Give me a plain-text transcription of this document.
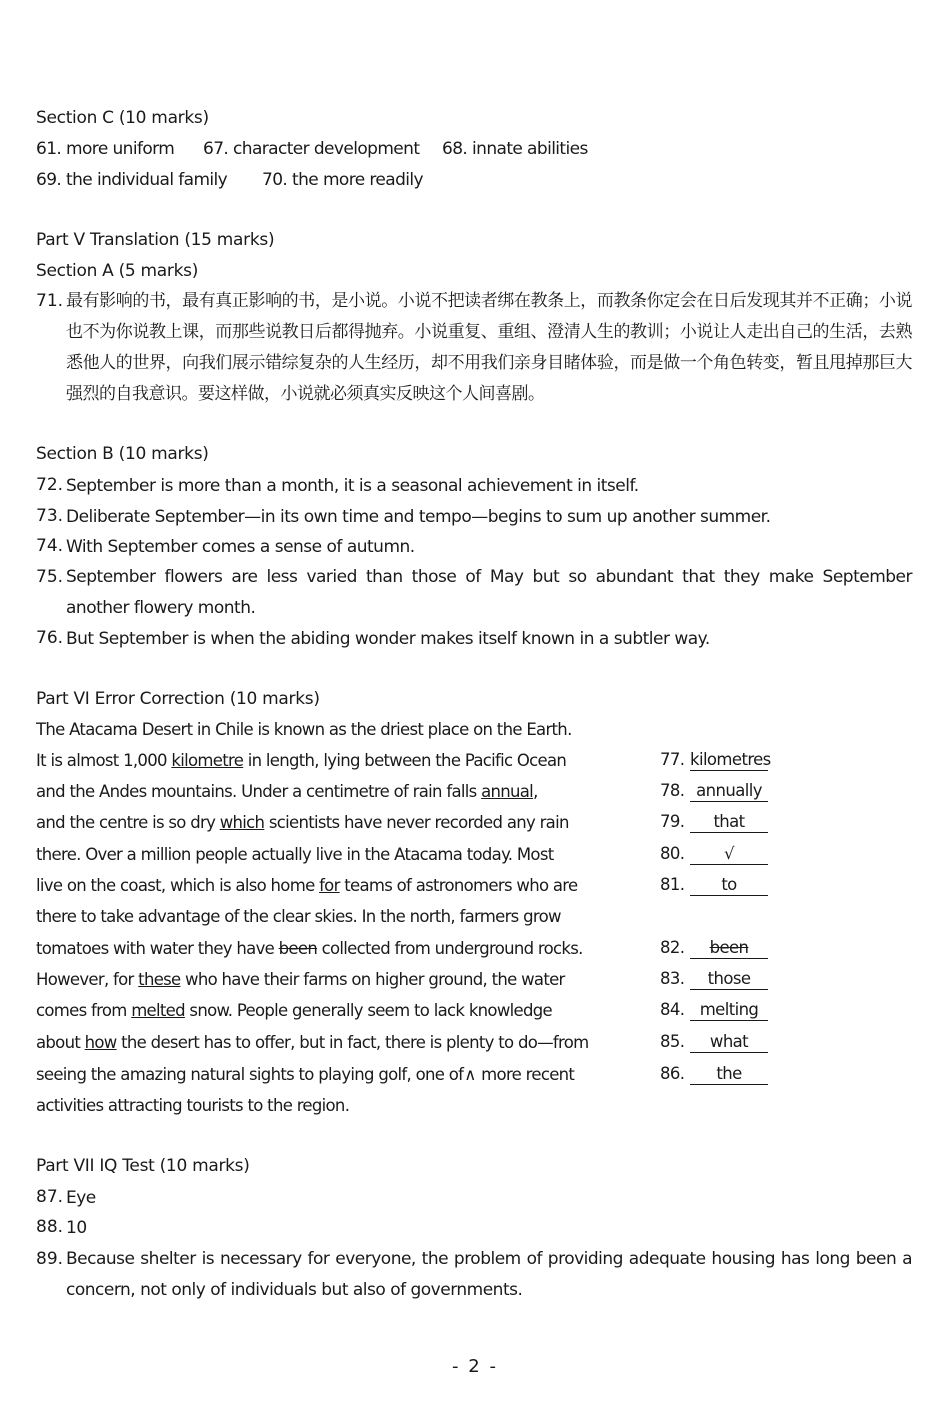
Section C (10 marks)
61. more uniform 67. character development 68. innate abilities
69. the individual family 70. the more readily
Part V Translation (15 marks)
Section A (5 marks)
71. 最有影响的书，最有真正影响的书，是小说。小说不把读者绑在教条上，而教条你定会在日后发现其并不正确；小说也不为你说教上课，而那些说教日后都得抛弃。小说重复、重组、澄清人生的教训；小说让人走出自己的生活，去熟悉他人的世界，向我们展示错综复杂的人生经历，却不用我们亲身目睹体验，而是做一个角色转变，暂且甩掉那巨大强烈的自我意识。要这样做，小说就必须真实反映这个人间喜剧。
Section B (10 marks)
72. September is more than a month, it is a seasonal achievement in itself.
73. Deliberate September—in its own time and tempo—begins to sum up another summer.
74. With September comes a sense of autumn.
75. September flowers are less varied than those of May but so abundant that they make September another flowery month.
76. But September is when the abiding wonder makes itself known in a subtler way.
Part VI Error Correction (10 marks)
The Atacama Desert in Chile is known as the driest place on the Earth.
It is almost 1,000 kilometre in length, lying between the Pacific Ocean	77. kilometres
and the Andes mountains. Under a centimetre of rain falls annual,	78. annually
and the centre is so dry which scientists have never recorded any rain	79. that
there. Over a million people actually live in the Atacama today. Most	80. √
live on the coast, which is also home for teams of astronomers who are	81. to
there to take advantage of the clear skies. In the north, farmers grow
tomatoes with water they have been collected from underground rocks.	82. been
However, for these who have their farms on higher ground, the water	83. those
comes from melted snow. People generally seem to lack knowledge	84. melting
about how the desert has to offer, but in fact, there is plenty to do—from	85. what
seeing the amazing natural sights to playing golf, one of∧ more recent	86. the
activities attracting tourists to the region.
Part VII IQ Test (10 marks)
87. Eye
88. 10
89. Because shelter is necessary for everyone, the problem of providing adequate housing has long been a concern, not only of individuals but also of governments.
- 2 -
